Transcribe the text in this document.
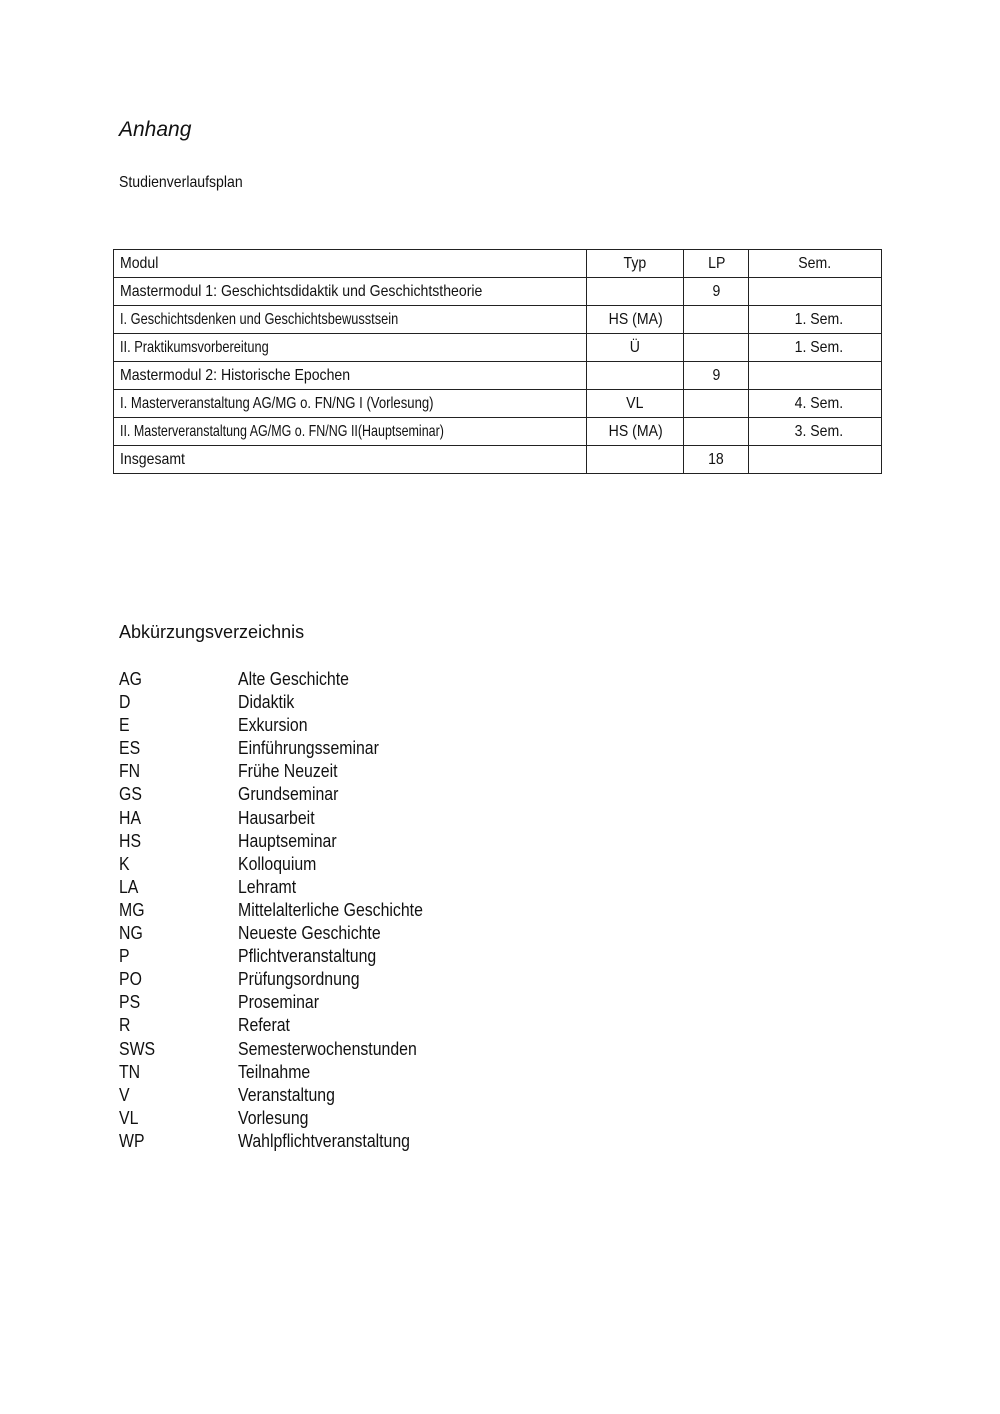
Anhang
Studienverlaufsplan
Modul	Typ	LP	Sem.
Mastermodul 1: Geschichtsdidaktik und Geschichtstheorie		9	
I. Geschichtsdenken und Geschichtsbewusstsein	HS (MA)		1. Sem.
II. Praktikumsvorbereitung	Ü		1. Sem.
Mastermodul 2: Historische Epochen		9	
I. Masterveranstaltung AG/MG o. FN/NG I (Vorlesung)	VL		4. Sem.
II. Masterveranstaltung AG/MG o. FN/NG II(Hauptseminar)	HS (MA)		3. Sem.
Insgesamt		18	
Abkürzungsverzeichnis
AG	Alte Geschichte
D	Didaktik
E	Exkursion
ES	Einführungsseminar
FN	Frühe Neuzeit
GS	Grundseminar
HA	Hausarbeit
HS	Hauptseminar
K	Kolloquium
LA	Lehramt
MG	Mittelalterliche Geschichte
NG	Neueste Geschichte
P	Pflichtveranstaltung
PO	Prüfungsordnung
PS	Proseminar
R	Referat
SWS	Semesterwochenstunden
TN	Teilnahme
V	Veranstaltung
VL	Vorlesung
WP	Wahlpflichtveranstaltung
